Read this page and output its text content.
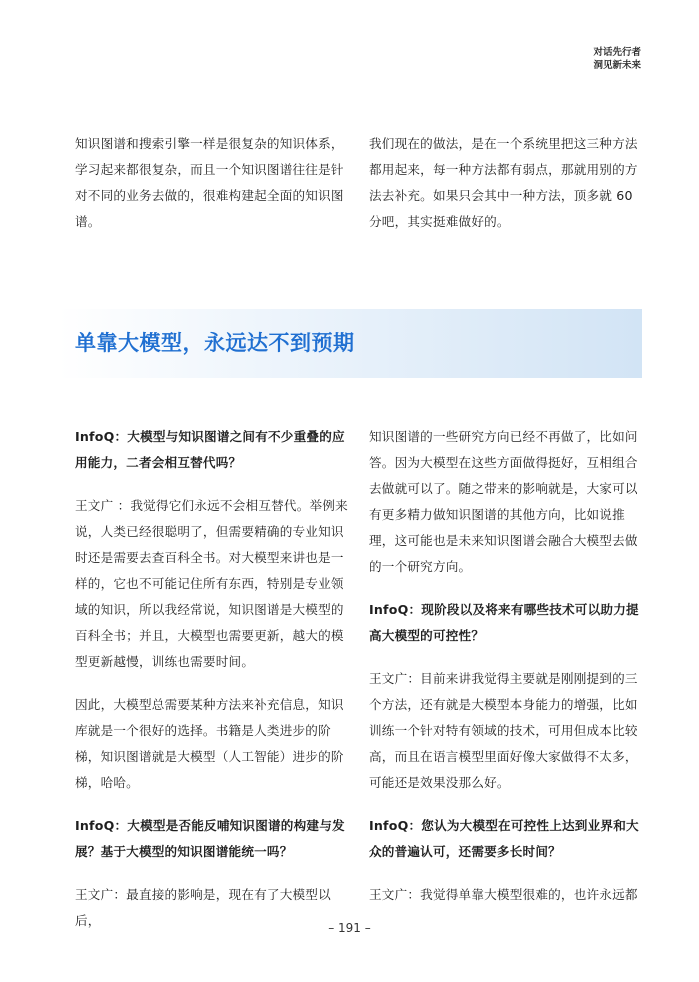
对话先行者
洞见新未来

知识图谱和搜索引擎一样是很复杂的知识体系，学习起来都很复杂，而且一个知识图谱往往是针对不同的业务去做的，很难构建起全面的知识图谱。

我们现在的做法，是在一个系统里把这三种方法都用起来，每一种方法都有弱点，那就用别的方法去补充。如果只会其中一种方法，顶多就 60 分吧，其实挺难做好的。

单靠大模型，永远达不到预期

InfoQ：大模型与知识图谱之间有不少重叠的应用能力，二者会相互替代吗？

王文广 ：我觉得它们永远不会相互替代。举例来说，人类已经很聪明了，但需要精确的专业知识时还是需要去查百科全书。对大模型来讲也是一样的，它也不可能记住所有东西，特别是专业领域的知识，所以我经常说，知识图谱是大模型的百科全书；并且，大模型也需要更新，越大的模型更新越慢，训练也需要时间。

因此，大模型总需要某种方法来补充信息，知识库就是一个很好的选择。书籍是人类进步的阶梯，知识图谱就是大模型（人工智能）进步的阶梯，哈哈。

InfoQ：大模型是否能反哺知识图谱的构建与发展？基于大模型的知识图谱能统一吗？

王文广：最直接的影响是，现在有了大模型以后，

知识图谱的一些研究方向已经不再做了，比如问答。因为大模型在这些方面做得挺好，互相组合去做就可以了。随之带来的影响就是，大家可以有更多精力做知识图谱的其他方向，比如说推理，这可能也是未来知识图谱会融合大模型去做的一个研究方向。

InfoQ：现阶段以及将来有哪些技术可以助力提高大模型的可控性？

王文广：目前来讲我觉得主要就是刚刚提到的三个方法，还有就是大模型本身能力的增强，比如训练一个针对特有领域的技术，可用但成本比较高，而且在语言模型里面好像大家做得不太多，可能还是效果没那么好。

InfoQ：您认为大模型在可控性上达到业界和大众的普遍认可，还需要多长时间？

王文广：我觉得单靠大模型很难的，也许永远都

– 191 –
